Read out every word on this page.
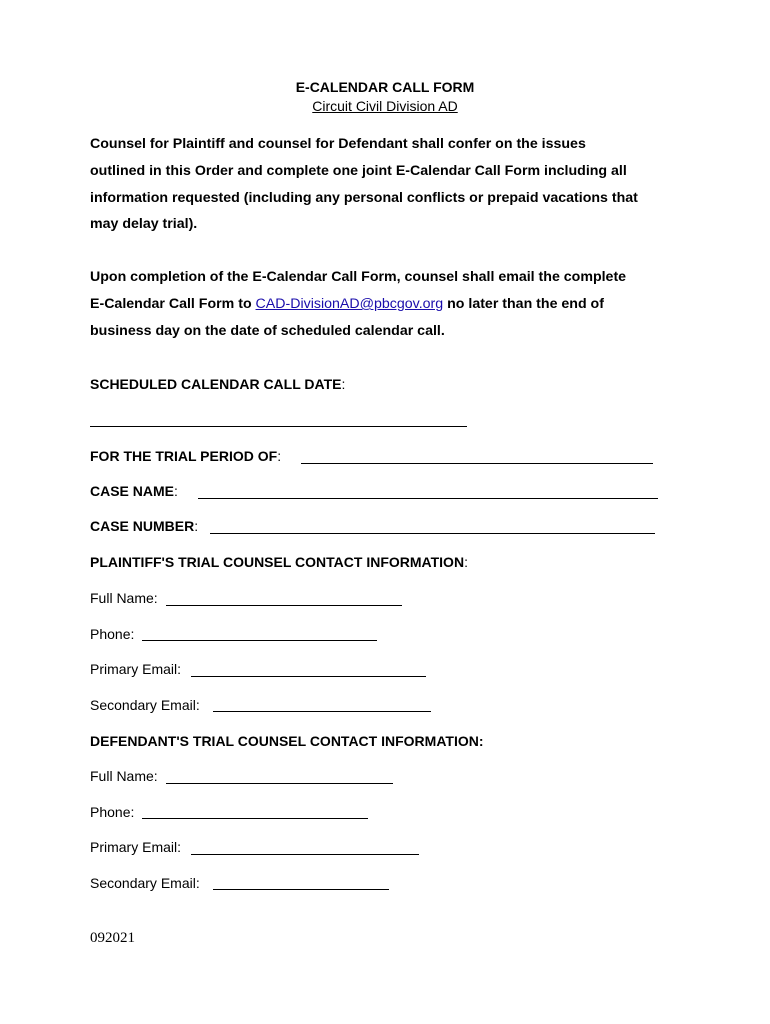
E-CALENDAR CALL FORM
Circuit Civil Division AD
Counsel for Plaintiff and counsel for Defendant shall confer on the issues
outlined in this Order and complete one joint E-Calendar Call Form including all
information requested (including any personal conflicts or prepaid vacations that
may delay trial).
Upon completion of the E-Calendar Call Form, counsel shall email the complete
E-Calendar Call Form to CAD-DivisionAD@pbcgov.org no later than the end of
business day on the date of scheduled calendar call.
SCHEDULED CALENDAR CALL DATE:
FOR THE TRIAL PERIOD OF:
CASE NAME:
CASE NUMBER:
PLAINTIFF'S TRIAL COUNSEL CONTACT INFORMATION:
Full Name:
Phone:
Primary Email:
Secondary Email:
DEFENDANT'S TRIAL COUNSEL CONTACT INFORMATION:
Full Name:
Phone:
Primary Email:
Secondary Email:
092021
